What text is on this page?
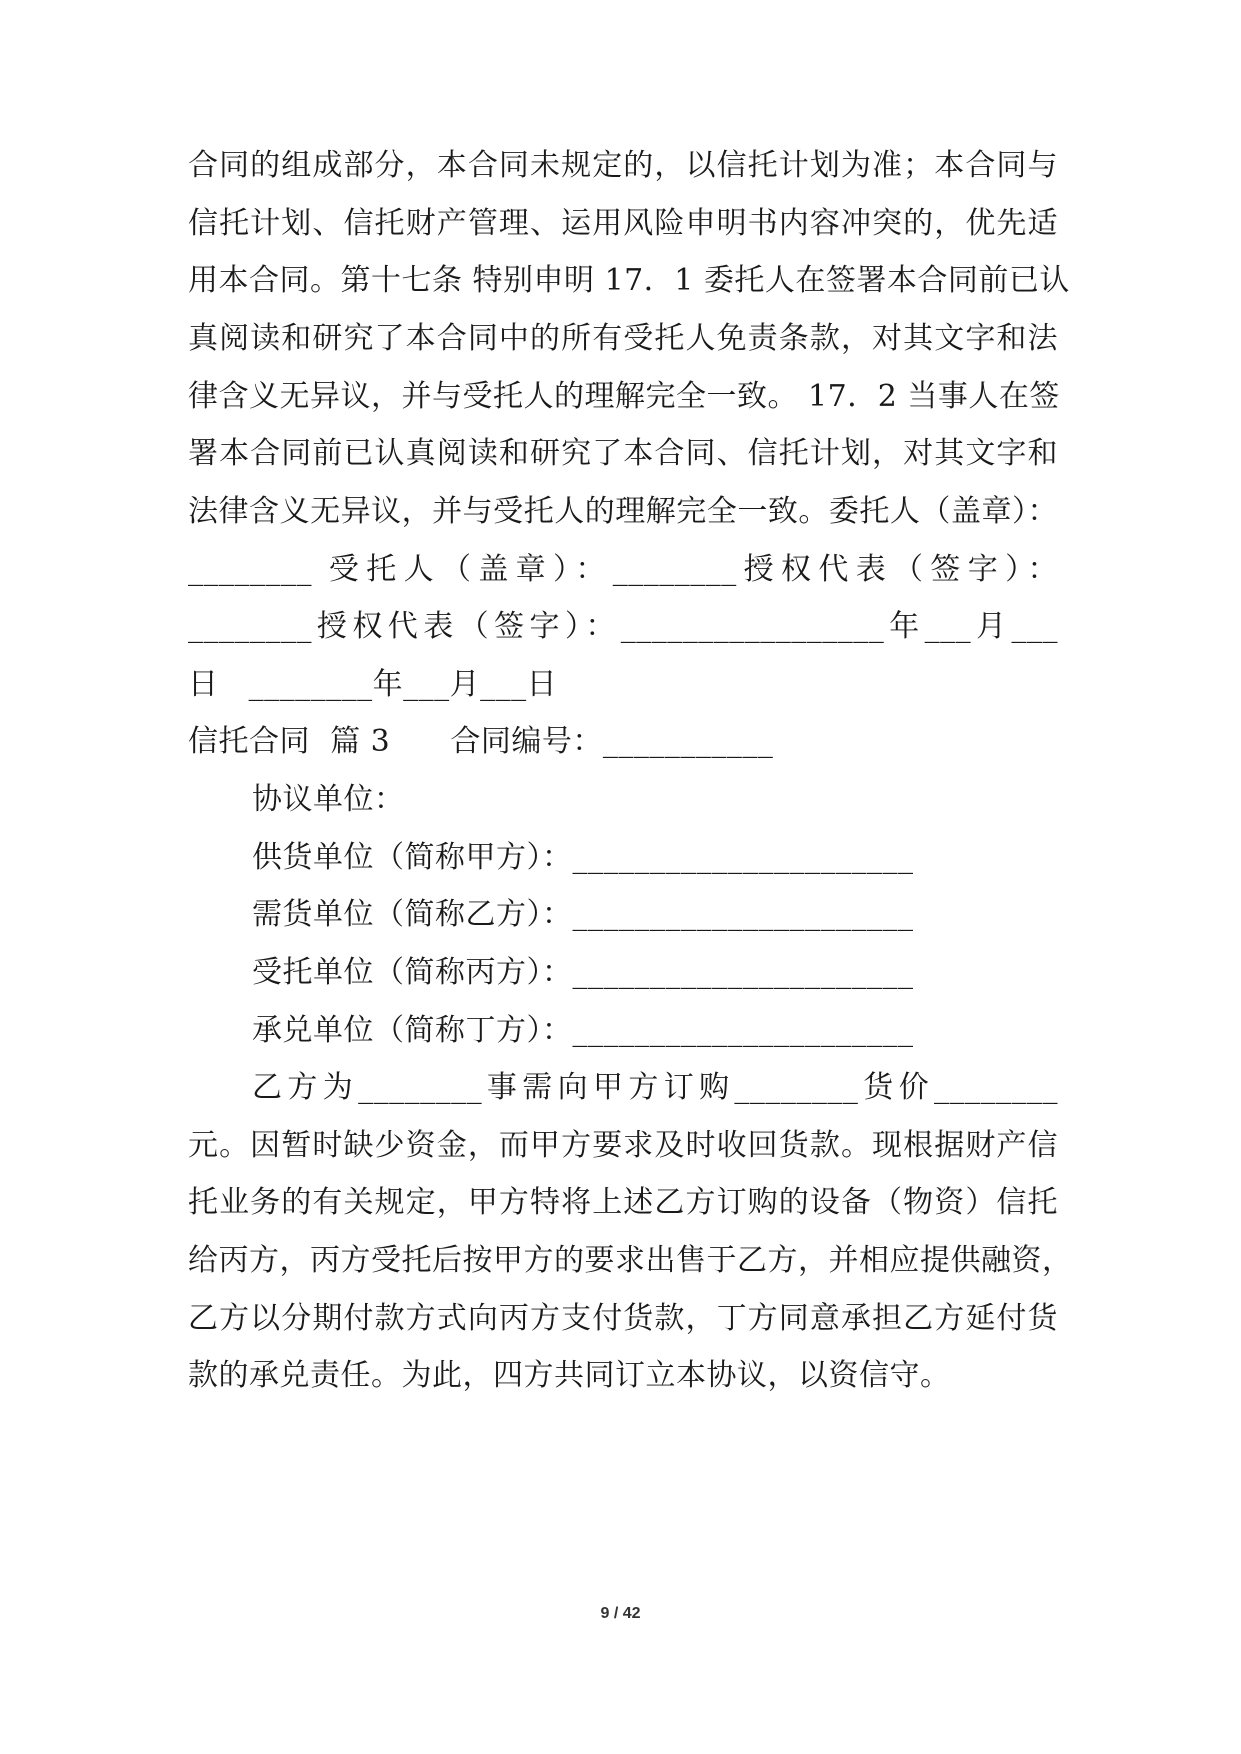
合同的组成部分，本合同未规定的，以信托计划为准；本合同与
信托计划、信托财产管理、运用风险申明书内容冲突的，优先适
用本合同。第十七条 特别申明 17．1 委托人在签署本合同前已认
真阅读和研究了本合同中的所有受托人免责条款，对其文字和法
律含义无异议，并与受托人的理解完全一致。 17．2 当事人在签
署本合同前已认真阅读和研究了本合同、信托计划，对其文字和
法律含义无异议，并与受托人的理解完全一致。委托人（盖章）：
________ 受托人（盖章）：________授权代表（签字）：
________授权代表（签字）：_________________年___月___
日   ________年___月___日
信托合同  篇 3      合同编号：___________
协议单位：
供货单位（简称甲方）：______________________
需货单位（简称乙方）：______________________
受托单位（简称丙方）：______________________
承兑单位（简称丁方）：______________________
乙方为________事需向甲方订购________货价________
元。因暂时缺少资金，而甲方要求及时收回货款。现根据财产信
托业务的有关规定，甲方特将上述乙方订购的设备（物资）信托
给丙方，丙方受托后按甲方的要求出售于乙方，并相应提供融资，
乙方以分期付款方式向丙方支付货款，丁方同意承担乙方延付货
款的承兑责任。为此，四方共同订立本协议，以资信守。
9 / 42
